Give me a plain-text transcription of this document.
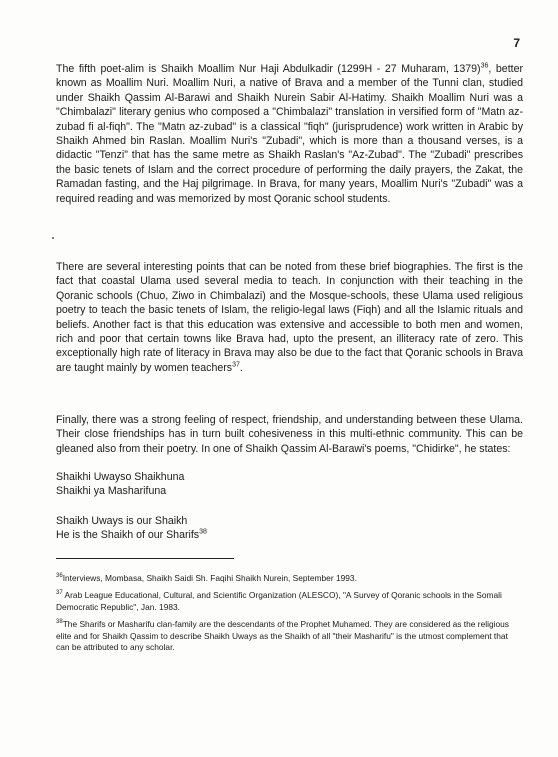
7

The fifth poet-alim is Shaikh Moallim Nur Haji Abdulkadir (1299H - 27 Muharam, 1379)$^{36}$, better known as Moallim Nuri. Moallim Nuri, a native of Brava and a member of the Tunni clan, studied under Shaikh Qassim Al-Barawi and Shaikh Nurein Sabir Al-Hatimy. Shaikh Moallim Nuri was a "Chimbalazi" literary genius who composed a "Chimbalazi" translation in versified form of "Matn az-zubad fi al-fiqh". The "Matn az-zubad" is a classical "fiqh" (jurisprudence) work written in Arabic by Shaikh Ahmed bin Raslan. Moallim Nuri's "Zubadi", which is more than a thousand verses, is a didactic "Tenzi" that has the same metre as Shaikh Raslan's "Az-Zubad". The "Zubadi" prescribes the basic tenets of Islam and the correct procedure of performing the daily prayers, the Zakat, the Ramadan fasting, and the Haj pilgrimage. In Brava, for many years, Moallim Nuri's "Zubadi" was a required reading and was memorized by most Qoranic school students.

There are several interesting points that can be noted from these brief biographies. The first is the fact that coastal Ulama used several media to teach. In conjunction with their teaching in the Qoranic schools (Chuo, Ziwo in Chimbalazi) and the Mosque-schools, these Ulama used religious poetry to teach the basic tenets of Islam, the religio-legal laws (Fiqh) and all the Islamic rituals and beliefs. Another fact is that this education was extensive and accessible to both men and women, rich and poor that certain towns like Brava had, upto the present, an illiteracy rate of zero. This exceptionally high rate of literacy in Brava may also be due to the fact that Qoranic schools in Brava are taught mainly by women teachers$^{37}$.

Finally, there was a strong feeling of respect, friendship, and understanding between these Ulama. Their close friendships has in turn built cohesiveness in this multi-ethnic community. This can be gleaned also from their poetry. In one of Shaikh Qassim Al-Barawi's poems, "Chidirke", he states:

Shaikhi Uwayso Shaikhuna
Shaikhi ya Masharifuna
Shaikh Uways is our Shaikh
He is the Shaikh of our Sharifs$^{38}$

$^{36}$Interviews, Mombasa, Shaikh Saidi Sh. Faqihi Shaikh Nurein, September 1993.

$^{37}$ Arab League Educational, Cultural, and Scientific Organization (ALESCO), "A Survey of Qoranic schools in the Somali Democratic Republic", Jan. 1983.

$^{38}$The Sharifs or Masharifu clan-family are the descendants of the Prophet Muhamed. They are considered as the religious elite and for Shaikh Qassim to describe Shaikh Uways as the Shaikh of all "their Masharifu" is the utmost complement that can be attributed to any scholar.
